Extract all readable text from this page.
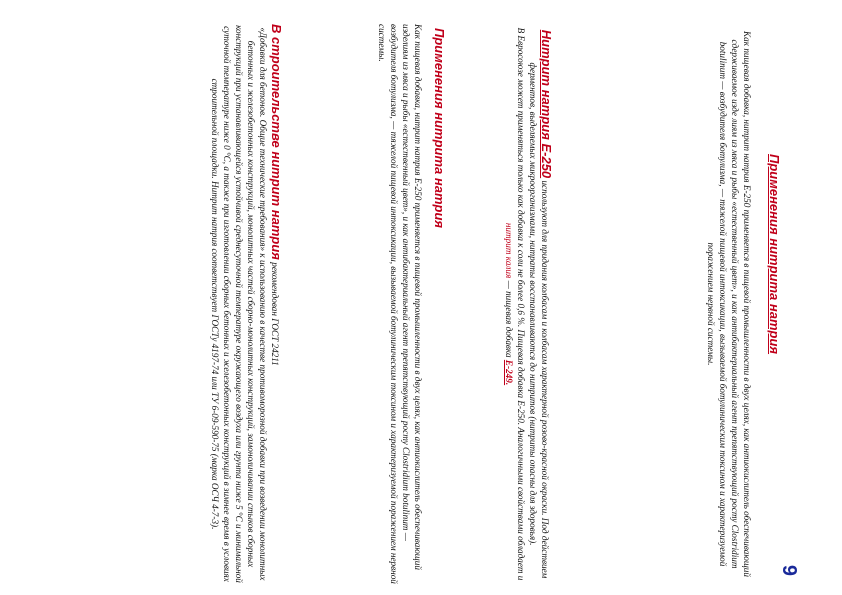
9
Применения нитрита натрия

Как пищевая добавка, нитрит натрия E-250 применяется в пищевой промышленности в двух целях, как антиокислитель обеспечивающий сдерживаемое изде лиям из мяса и рыбы «естественный цвет», и как антибактериальный агент препятствующий росту Clostridium botulinum — возбудителя ботулизма, — тяжелой пищевой интоксикации, вызываемой ботулиническим токсином и характеризуемой поражением нервной системы.

Нитрит натрия Е-250 используют для придания колбасам и колбасам характерной розово-красной окраски. Под действием ферментов, выделяемых микроорганизмами, нитраты восстанавливаются до нитритов (нитриты опасны для здоровья).

В Евросоюзе может применяться только как добавка к соли не более 0,6 %. Пищевая добавка E-250. Аналогичными свойствами обладает и нитрит калия — пищевая добавка E-249.

Применения нитрита натрия

Как пищевая добавка, нитрит натрия E-250 применяется в пищевой промышленности в двух целях, как антиокислитель обеспечивающий изделиям из мяса и рыбы «естественный цвет», и как антибактериальный агент препятствующий росту Clostridium botulinum — возбудителя ботулизма, — тяжелой пищевой интоксикации, вызываемой ботулиническим токсином и характеризуемой поражением нервной системы.

В строительстве нитрит натрия рекомендован ГОСТ 24211

«Добавки для бетонов. Общие технические требования» к использованию в качестве противоморозной добавки при возведении монолитных бетонных и железобетонных конструкций, монолитных частей сборно-монолитных конструкций, замоноличивании стыков сборных конструкций при устанавливающейся устойчивой среднесуточной температуре окружающего воздуха или грунта ниже 5 °С и минимальной суточной температуре ниже 0 °С, а также при изготовлении сборных бетонных и железобетонных конструкций в зимнее время в условиях строительной площадки. Нитрит натрия соответствует ГОСТу 4197-74 или ТУ 6-09-590-75 (марка ОСЧ 4-7-3).
